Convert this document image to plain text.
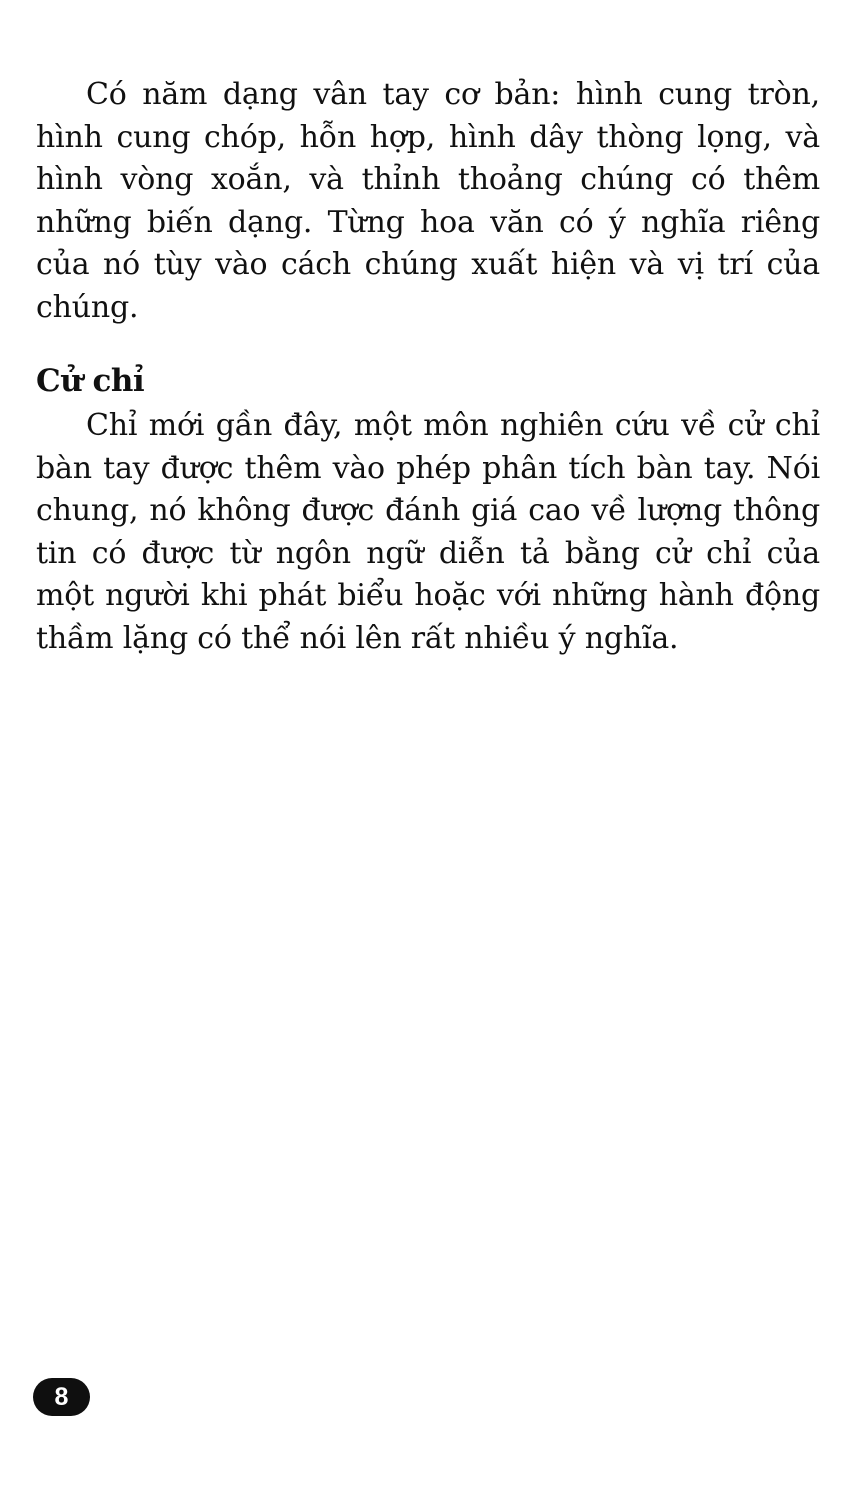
Có năm dạng vân tay cơ bản: hình cung tròn, hình cung chóp, hỗn hợp, hình dây thòng lọng, và hình vòng xoắn, và thỉnh thoảng chúng có thêm những biến dạng. Từng hoa văn có ý nghĩa riêng của nó tùy vào cách chúng xuất hiện và vị trí của chúng.

Cử chỉ

Chỉ mới gần đây, một môn nghiên cứu về cử chỉ bàn tay được thêm vào phép phân tích bàn tay. Nói chung, nó không được đánh giá cao về lượng thông tin có được từ ngôn ngữ diễn tả bằng cử chỉ của một người khi phát biểu hoặc với những hành động thầm lặng có thể nói lên rất nhiều ý nghĩa.

8
